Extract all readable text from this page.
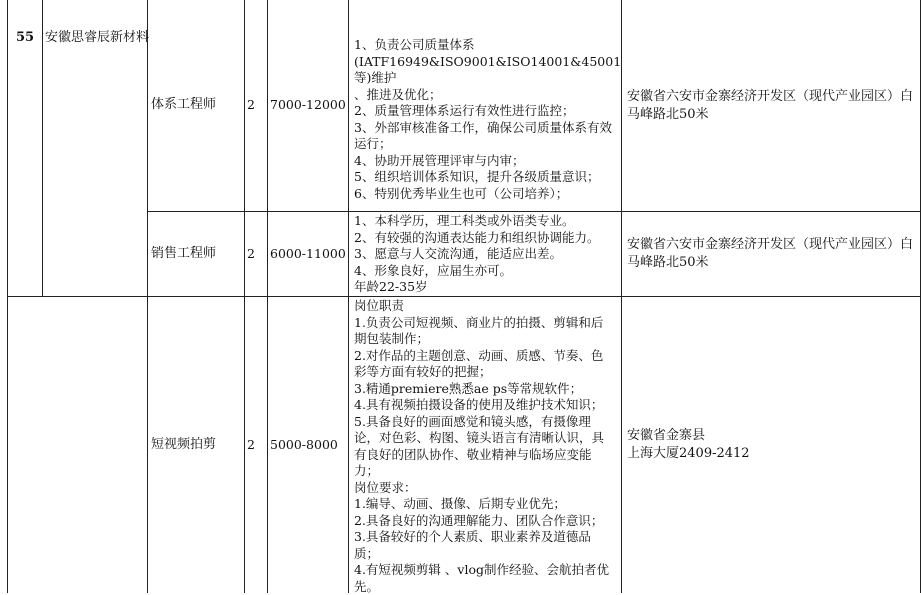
55 安徽思睿辰新材料
体系工程师 2 7000-12000
1、负责公司质量体系
(IATF16949&ISO9001&ISO14001&45001等)维护
、推进及优化；
2、质量管理体系运行有效性进行监控；
3、外部审核准备工作，确保公司质量体系有效
运行；
4、协助开展管理评审与内审；
5、组织培训体系知识，提升各级质量意识；
6、特别优秀毕业生也可（公司培养）；
安徽省六安市金寨经济开发区（现代产业园区）白
马峰路北50米
销售工程师 2 6000-11000
1、本科学历，理工科类或外语类专业。
2、有较强的沟通表达能力和组织协调能力。
3、愿意与人交流沟通，能适应出差。
4、形象良好，应届生亦可。
年龄22-35岁
安徽省六安市金寨经济开发区（现代产业园区）白
马峰路北50米
短视频拍剪 2 5000-8000
岗位职责
1.负责公司短视频、商业片的拍摄、剪辑和后
期包装制作；
2.对作品的主题创意、动画、质感、节奏、色
彩等方面有较好的把握；
3.精通premiere熟悉ae ps等常规软件；
4.具有视频拍摄设备的使用及维护技术知识；
5.具备良好的画面感觉和镜头感，有摄像理
论，对色彩、构图、镜头语言有清晰认识，具
有良好的团队协作、敬业精神与临场应变能
力；
岗位要求：
1.编导、动画、摄像、后期专业优先；
2.具备良好的沟通理解能力、团队合作意识；
3.具备较好的个人素质、职业素养及道德品
质；
4.有短视频剪辑 、vlog制作经验、会航拍者优
先。
安徽省金寨县
上海大厦2409-2412
